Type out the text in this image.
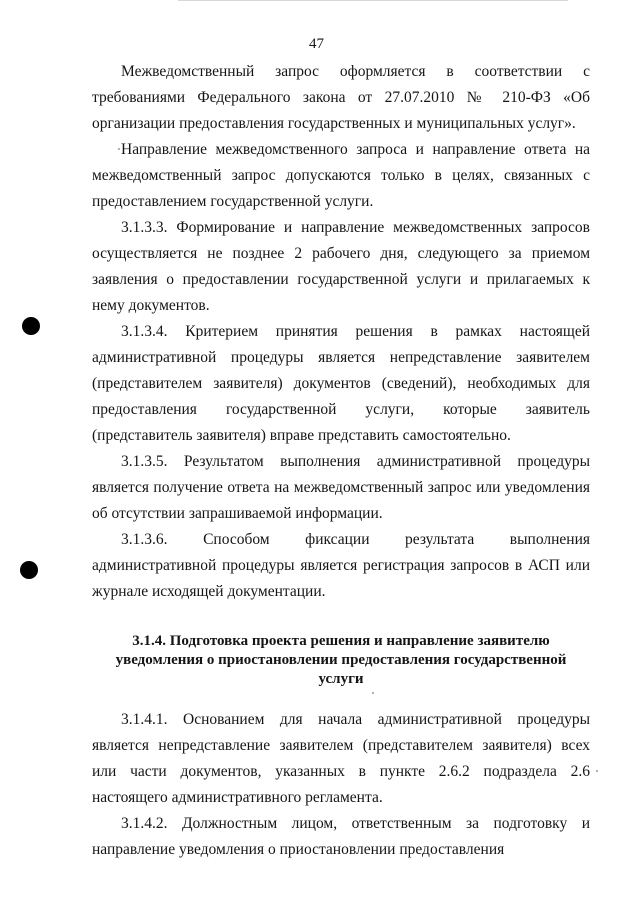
47

Межведомственный запрос оформляется в соответствии с требованиями Федерального закона от 27.07.2010 № 210-ФЗ «Об организации предоставления государственных и муниципальных услуг».

Направление межведомственного запроса и направление ответа на межведомственный запрос допускаются только в целях, связанных с предоставлением государственной услуги.

3.1.3.3. Формирование и направление межведомственных запросов осуществляется не позднее 2 рабочего дня, следующего за приемом заявления о предоставлении государственной услуги и прилагаемых к нему документов.

3.1.3.4. Критерием принятия решения в рамках настоящей административной процедуры является непредставление заявителем (представителем заявителя) документов (сведений), необходимых для предоставления государственной услуги, которые заявитель (представитель заявителя) вправе представить самостоятельно.

3.1.3.5. Результатом выполнения административной процедуры является получение ответа на межведомственный запрос или уведомления об отсутствии запрашиваемой информации.

3.1.3.6. Способом фиксации результата выполнения административной процедуры является регистрация запросов в АСП или журнале исходящей документации.

3.1.4. Подготовка проекта решения и направление заявителю уведомления о приостановлении предоставления государственной услуги

3.1.4.1. Основанием для начала административной процедуры является непредставление заявителем (представителем заявителя) всех или части документов, указанных в пункте 2.6.2 подраздела 2.6 настоящего административного регламента.

3.1.4.2. Должностным лицом, ответственным за подготовку и направление уведомления о приостановлении предоставления
